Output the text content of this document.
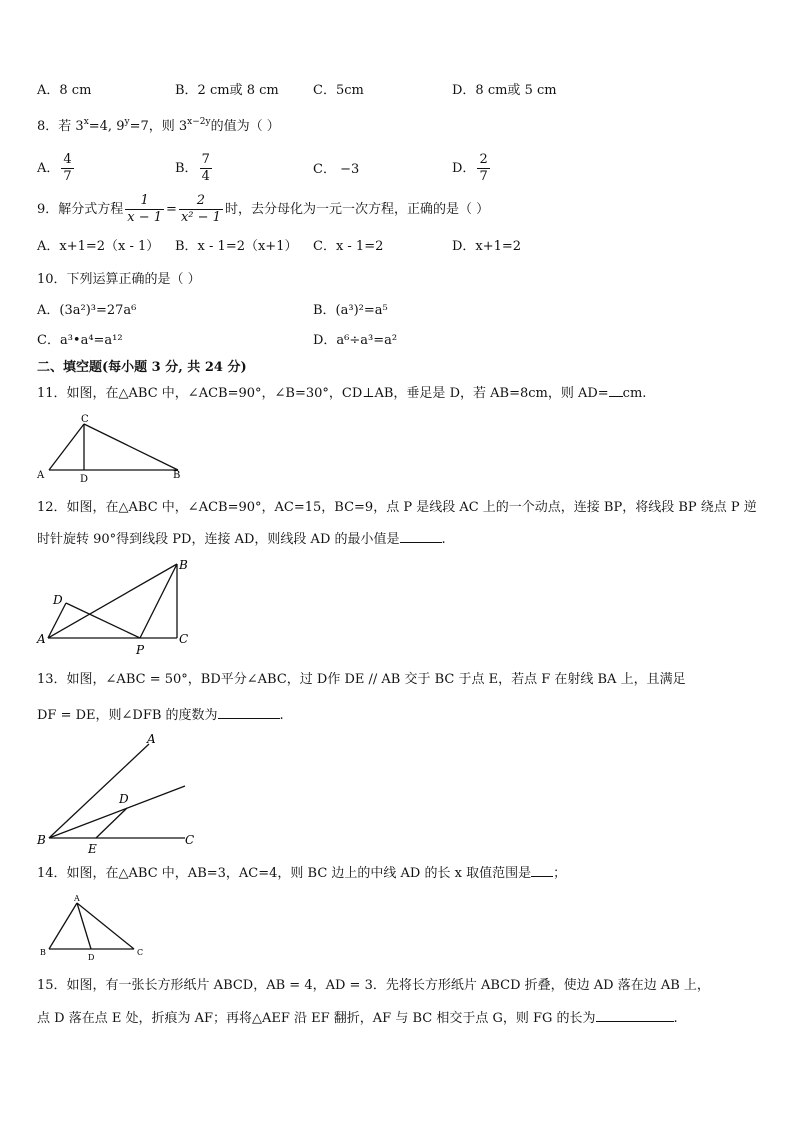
A．8 cm	B．2 cm或 8 cm	C．5cm	D．8 cm或 5 cm
8．若 $3^x=4$, $9^y=7$，则 $3^{x-2y}$的值为（ ）
A． $\frac{4}{7}$	B． $\frac{7}{4}$	C． −3	D． $\frac{2}{7}$
9．解分式方程 $\frac{1}{x - 1} = \frac{2}{\text{x² − 1}}$ 时，去分母化为一元一次方程，正确的是（ ）
A．x+1=2（x - 1） B．x - 1=2（x+1） C．x - 1=2	D．x+1=2
10．下列运算正确的是（ ）
A．(3a²)³=27a⁶	B．(a³)²=a⁵
C．a³•a⁴=a¹²	D．a⁶÷a³=a²
二、填空题(每小题 3 分, 共 24 分)
11．如图，在△ABC 中，∠ACB=90°，∠B=30°，CD⊥AB，垂足是 D，若 AB=8cm，则 AD= cm.
A	B
C
D
12．如图，在△ABC 中，∠ACB=90°，AC=15，BC=9，点 P 是线段 AC 上的一个动点，连接 BP，将线段 BP 绕点 P 逆
时针旋转 90°得到线段 PD，连接 AD，则线段 AD 的最小值是	.
A
B
C
D
P
13．如图，∠ABC = 50°，BD平分∠ABC，过 D作 DE // AB 交于 BC 于点 E，若点 F 在射线 BA 上，且满足
DF = DE，则∠DFB 的度数为	.
A
B	C
D
E
14．如图，在△ABC 中，AB=3，AC=4，则 BC 边上的中线 AD 的长 x 取值范围是 ；
A
B	C
D
15．如图，有一张长方形纸片 ABCD，AB = 4，AD = 3．先将长方形纸片 ABCD 折叠，使边 AD 落在边 AB 上，
点 D 落在点 E 处，折痕为 AF；再将△AEF 沿 EF 翻折，AF 与 BC 相交于点 G，则 FG 的长为	.
